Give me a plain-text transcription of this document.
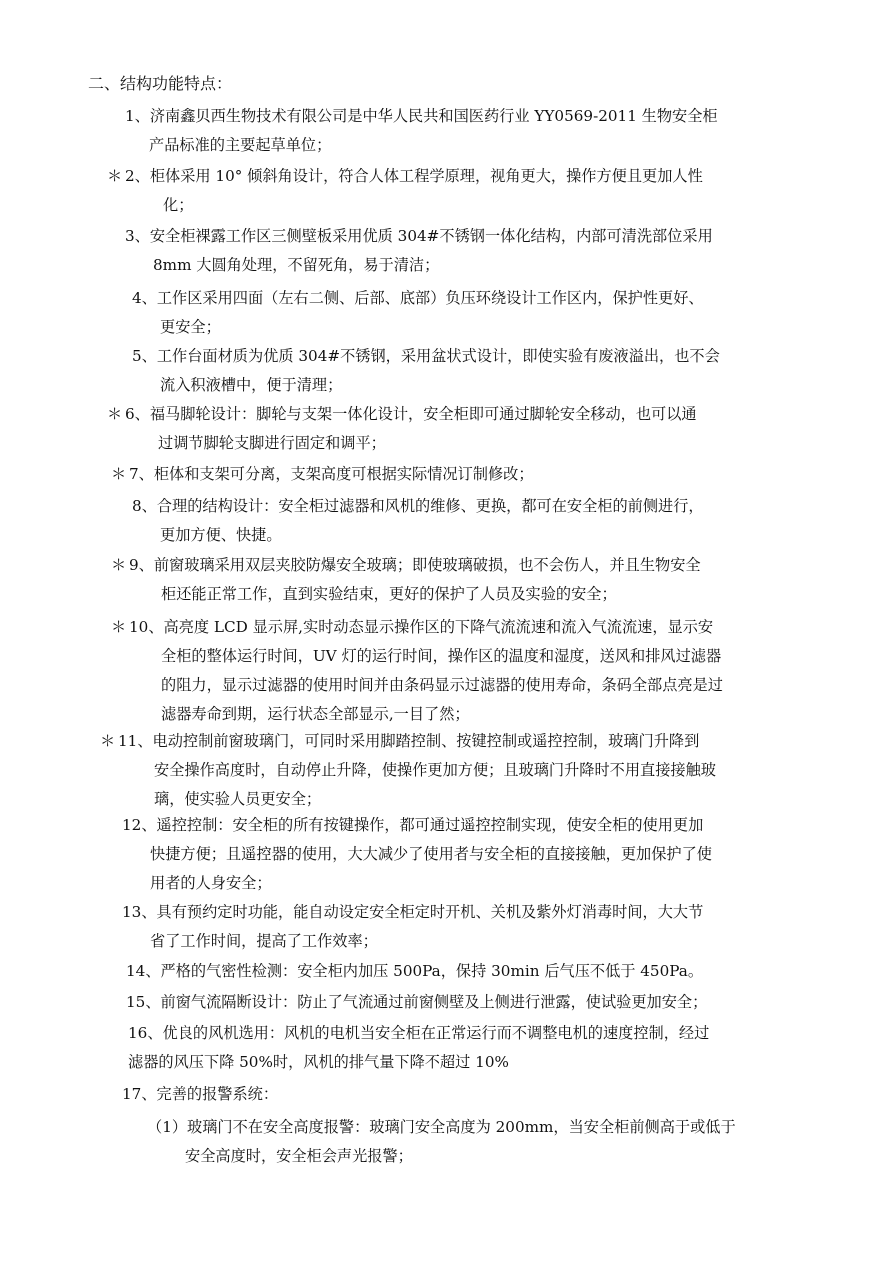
二、结构功能特点：
1、济南鑫贝西生物技术有限公司是中华人民共和国医药行业 YY0569-2011 生物安全柜
产品标准的主要起草单位；
＊ 2、柜体采用 10° 倾斜角设计，符合人体工程学原理，视角更大，操作方便且更加人性
化；
3、安全柜裸露工作区三侧壁板采用优质 304#不锈钢一体化结构，内部可清洗部位采用
8mm 大圆角处理，不留死角，易于清洁；
4、工作区采用四面（左右二侧、后部、底部）负压环绕设计工作区内，保护性更好、
更安全；
5、工作台面材质为优质 304#不锈钢，采用盆状式设计，即使实验有废液溢出，也不会
流入积液槽中，便于清理；
＊ 6、福马脚轮设计：脚轮与支架一体化设计，安全柜即可通过脚轮安全移动，也可以通
过调节脚轮支脚进行固定和调平；
＊ 7、柜体和支架可分离，支架高度可根据实际情况订制修改；
8、合理的结构设计：安全柜过滤器和风机的维修、更换，都可在安全柜的前侧进行，
更加方便、快捷。
＊ 9、前窗玻璃采用双层夹胶防爆安全玻璃；即使玻璃破损，也不会伤人，并且生物安全
柜还能正常工作，直到实验结束，更好的保护了人员及实验的安全；
＊ 10、高亮度 LCD 显示屏,实时动态显示操作区的下降气流流速和流入气流流速，显示安
全柜的整体运行时间，UV 灯的运行时间，操作区的温度和湿度，送风和排风过滤器
的阻力，显示过滤器的使用时间并由条码显示过滤器的使用寿命，条码全部点亮是过
滤器寿命到期，运行状态全部显示,一目了然；
＊ 11、电动控制前窗玻璃门，可同时采用脚踏控制、按键控制或遥控控制，玻璃门升降到
安全操作高度时，自动停止升降，使操作更加方便；且玻璃门升降时不用直接接触玻
璃，使实验人员更安全；
12、遥控控制：安全柜的所有按键操作，都可通过遥控控制实现，使安全柜的使用更加
快捷方便；且遥控器的使用，大大减少了使用者与安全柜的直接接触，更加保护了使
用者的人身安全；
13、具有预约定时功能，能自动设定安全柜定时开机、关机及紫外灯消毒时间，大大节
省了工作时间，提高了工作效率；
14、严格的气密性检测：安全柜内加压 500Pa，保持 30min 后气压不低于 450Pa。
15、前窗气流隔断设计：防止了气流通过前窗侧壁及上侧进行泄露，使试验更加安全；
16、优良的风机选用：风机的电机当安全柜在正常运行而不调整电机的速度控制，经过
滤器的风压下降 50%时，风机的排气量下降不超过 10%
17、完善的报警系统：
（1）玻璃门不在安全高度报警：玻璃门安全高度为 200mm，当安全柜前侧高于或低于
安全高度时，安全柜会声光报警；
